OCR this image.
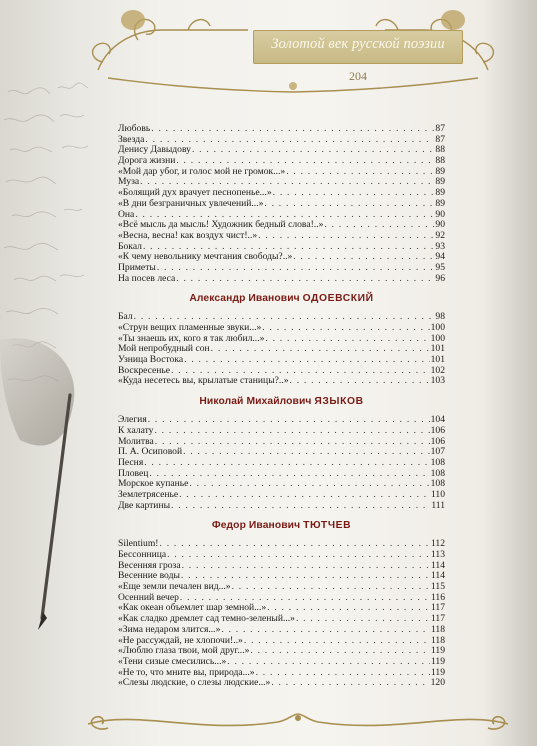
Золотой век русской поэзии
204
Любовь . . .	87
Звезда . . .	87
Денису Давыдову . . .	88
Дорога жизни . . .	88
«Мой дар убог, и голос мой не громок...» . . .	89
Муза . . .	89
«Болящий дух врачует песнопенье...» . . .	89
«В дни безграничных увлечений...» . . .	89
Она . . .	90
«Всё мысль да мысль! Художник бедный слова!..» . . .	90
«Весна, весна! как воздух чист!..» . . .	92
Бокал . . .	93
«К чему невольнику мечтания свободы?..» . . .	94
Приметы . . .	95
На посев леса . . .	96
Александр Иванович ОДОЕВСКИЙ
Бал . . .	98
«Струн вещих пламенные звуки...» . . .	100
«Ты знаешь их, кого я так любил...» . . .	100
Мой непробудный сон . . .	101
Узница Востока . . .	101
Воскресенье . . .	102
«Куда несетесь вы, крылатые станицы?..» . . .	103
Николай Михайлович ЯЗЫКОВ
Элегия . . .	104
К халату . . .	106
Молитва . . .	106
П. А. Осиповой . . .	107
Песня . . .	108
Пловец . . .	108
Морское купанье . . .	108
Землетрясенье . . .	110
Две картины . . .	111
Федор Иванович ТЮТЧЕВ
Silentium! . . .	112
Бессонница . . .	113
Весенняя гроза . . .	114
Весенние воды . . .	114
«Еще земли печален вид...» . . .	115
Осенний вечер . . .	116
«Как океан объемлет шар земной...» . . .	117
«Как сладко дремлет сад темно-зеленый...» . . .	117
«Зима недаром злится...» . . .	118
«Не рассуждай, не хлопочи!..» . . .	118
«Люблю глаза твои, мой друг...» . . .	119
«Тени сизые смесились...» . . .	119
«Не то, что мните вы, природа...» . . .	119
«Слезы людские, о слезы людские...» . . .	120
